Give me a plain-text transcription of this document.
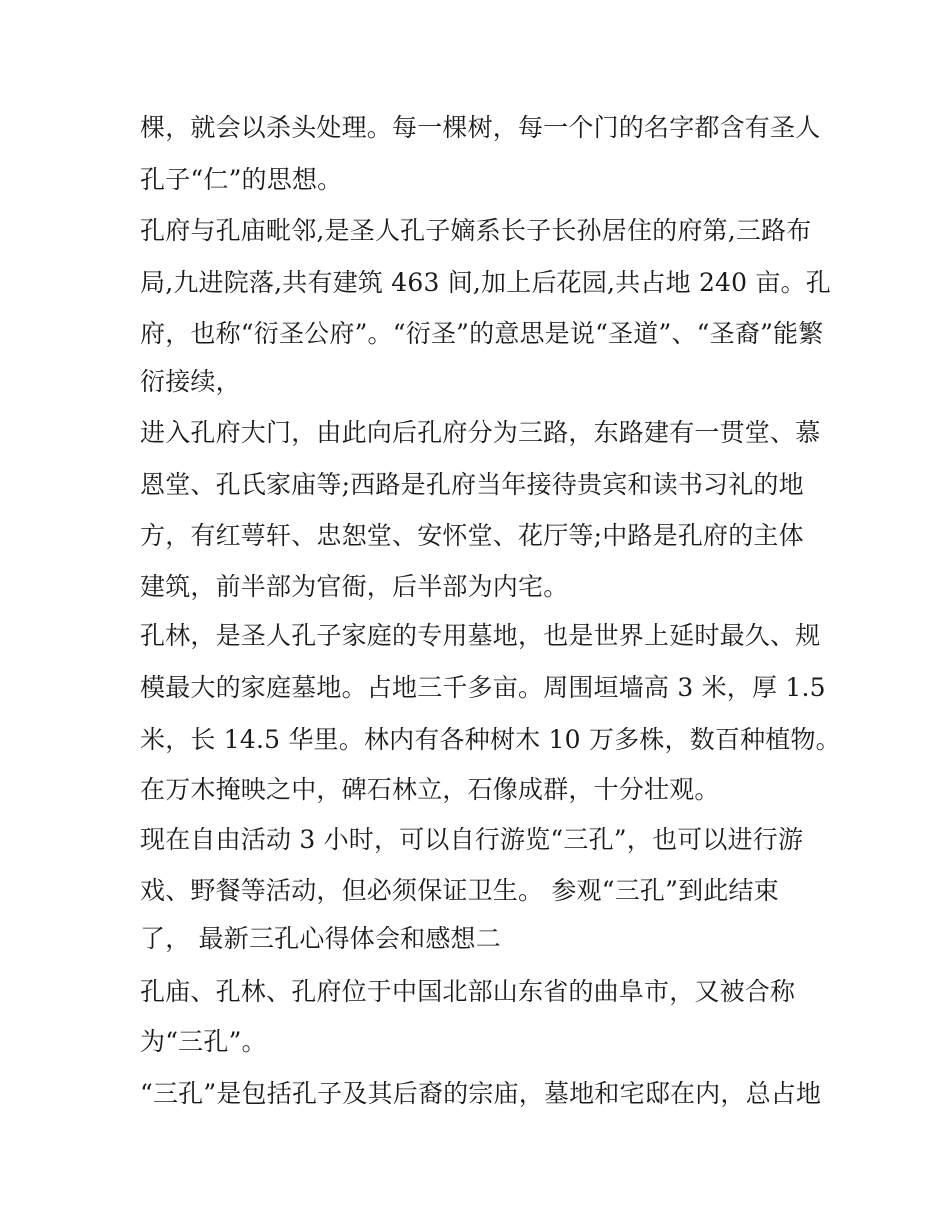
棵，就会以杀头处理。每一棵树，每一个门的名字都含有圣人
孔子“仁”的思想。
孔府与孔庙毗邻,是圣人孔子嫡系长子长孙居住的府第,三路布
局,九进院落,共有建筑 463 间,加上后花园,共占地 240 亩。孔
府，也称“衍圣公府”。“衍圣”的意思是说“圣道”、“圣裔”能繁
衍接续，
进入孔府大门，由此向后孔府分为三路，东路建有一贯堂、慕
恩堂、孔氏家庙等;西路是孔府当年接待贵宾和读书习礼的地
方，有红萼轩、忠恕堂、安怀堂、花厅等;中路是孔府的主体
建筑，前半部为官衙，后半部为内宅。
孔林，是圣人孔子家庭的专用墓地，也是世界上延时最久、规
模最大的家庭墓地。占地三千多亩。周围垣墙高 3 米，厚 1.5
米，长 14.5 华里。林内有各种树木 10 万多株，数百种植物。
在万木掩映之中，碑石林立，石像成群，十分壮观。
现在自由活动 3 小时，可以自行游览“三孔”，也可以进行游
戏、野餐等活动，但必须保证卫生。 参观“三孔”到此结束
了， 最新三孔心得体会和感想二
孔庙、孔林、孔府位于中国北部山东省的曲阜市，又被合称
为“三孔”。
“三孔”是包括孔子及其后裔的宗庙，墓地和宅邸在内，总占地
